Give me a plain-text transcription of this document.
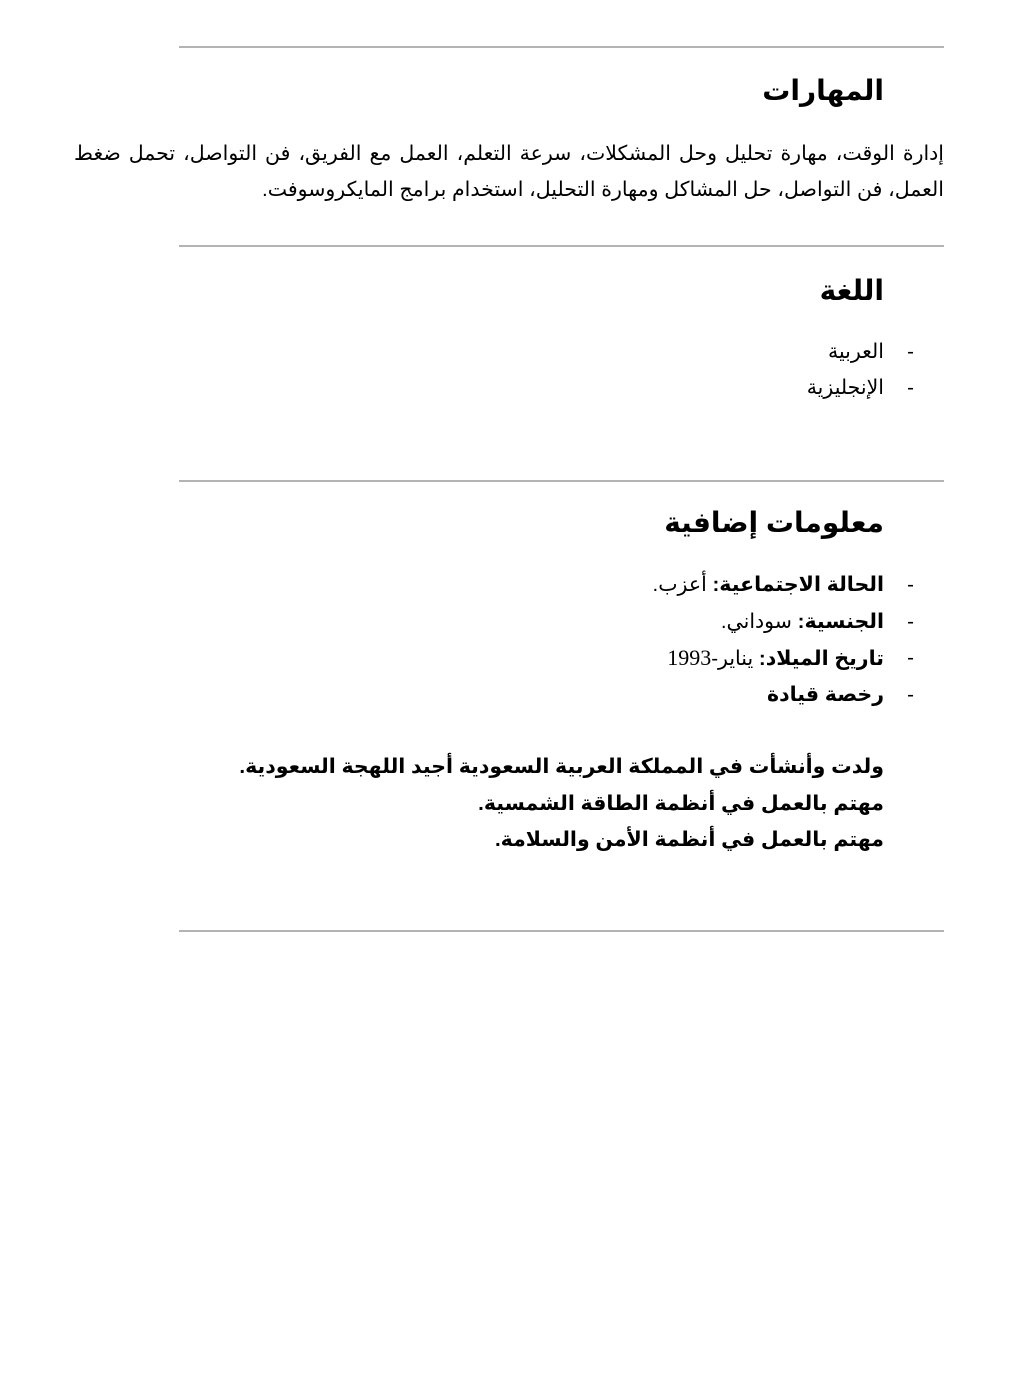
المهارات

إدارة الوقت، مهارة تحليل وحل المشكلات، سرعة التعلم، العمل مع الفريق، فن التواصل، تحمل ضغط العمل، فن التواصل، حل المشاكل ومهارة التحليل، استخدام برامج المايكروسوفت.

اللغة
-
العربية
-
الإنجليزية
معلومات إضافية
-
الحالة الاجتماعية: أعزب.
-
الجنسية: سوداني.
-
تاريخ الميلاد: يناير-1993
-
رخصة قيادة
ولدت وأنشأت في المملكة العربية السعودية أجيد اللهجة السعودية.
مهتم بالعمل في أنظمة الطاقة الشمسية.
مهتم بالعمل في أنظمة الأمن والسلامة.
